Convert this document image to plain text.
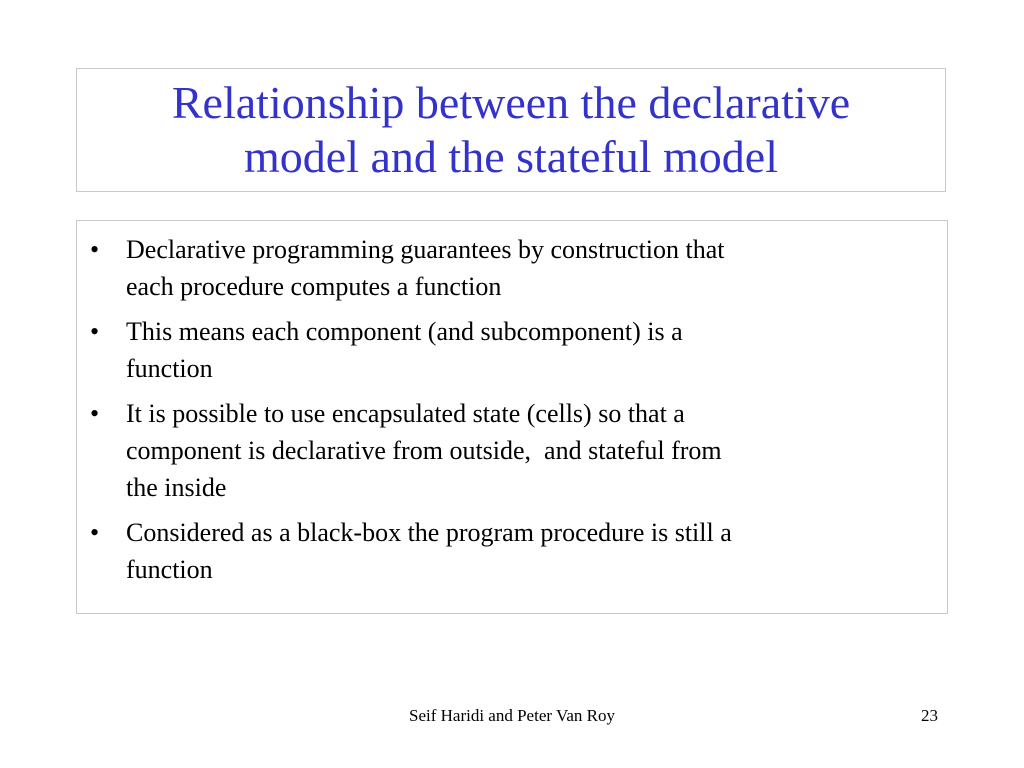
Relationship between the declarative
model and the stateful model
• Declarative programming guarantees by construction that
each procedure computes a function
• This means each component (and subcomponent) is a
function
• It is possible to use encapsulated state (cells) so that a
component is declarative from outside,  and stateful from
the inside
• Considered as a black-box the program procedure is still a
function
Seif Haridi and Peter Van Roy	23
